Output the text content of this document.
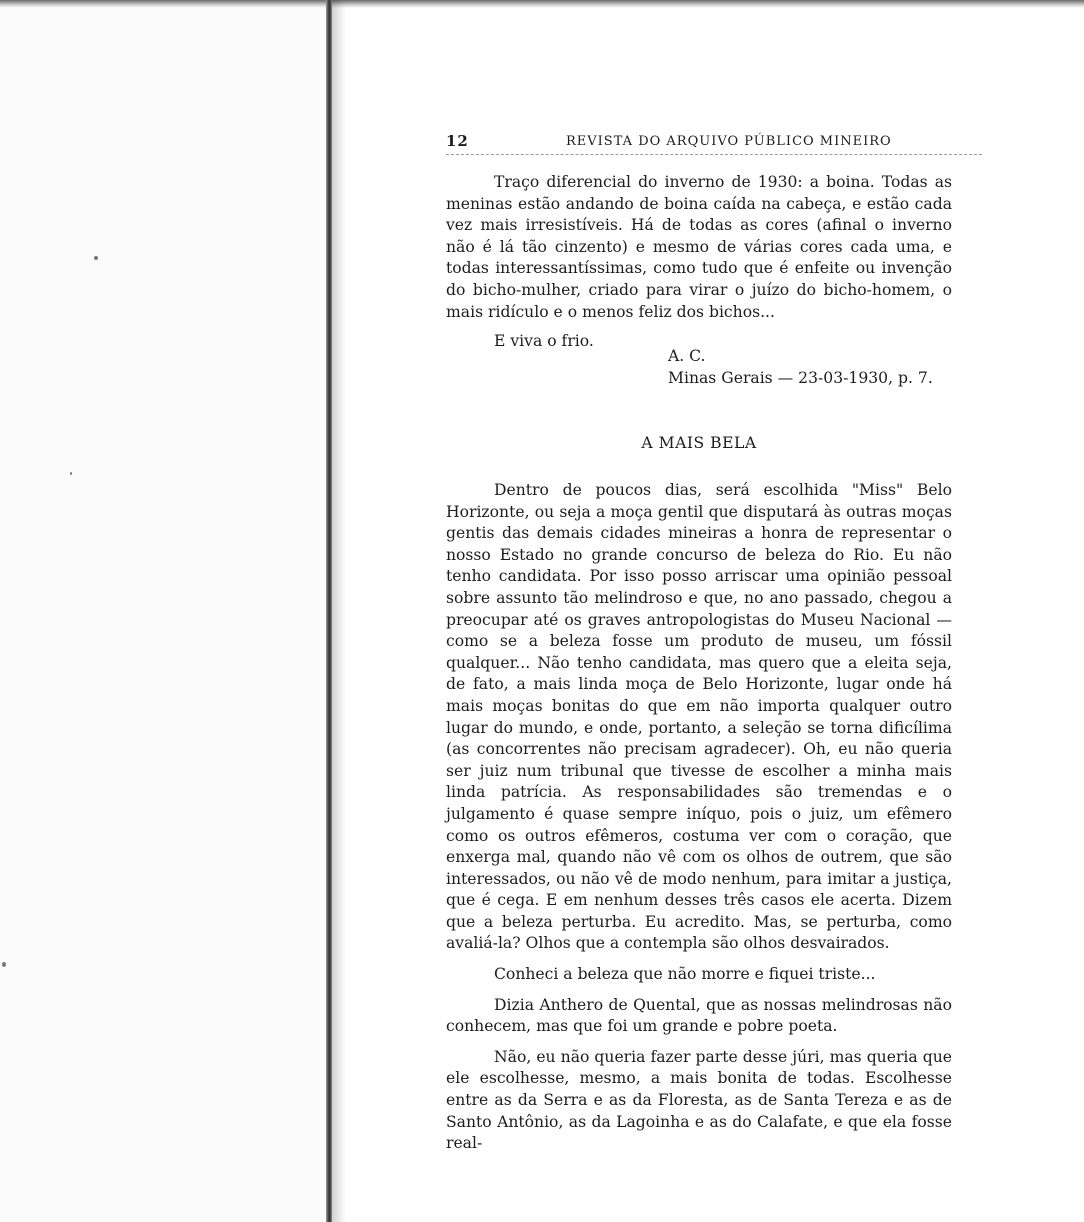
12	REVISTA DO ARQUIVO PÚBLICO MINEIRO

Traço diferencial do inverno de 1930: a boina. Todas as meninas estão andando de boina caída na cabeça, e estão cada vez mais irresistíveis. Há de todas as cores (afinal o inverno não é lá tão cinzento) e mesmo de várias cores cada uma, e todas interessantíssimas, como tudo que é enfeite ou invenção do bicho-mulher, criado para virar o juízo do bicho-homem, o mais ridículo e o menos feliz dos bichos...

E viva o frio.

A. C.
Minas Gerais — 23-03-1930, p. 7.
A MAIS BELA

Dentro de poucos dias, será escolhida "Miss" Belo Horizonte, ou seja a moça gentil que disputará às outras moças gentis das demais cidades mineiras a honra de representar o nosso Estado no grande concurso de beleza do Rio. Eu não tenho candidata. Por isso posso arriscar uma opinião pessoal sobre assunto tão melindroso e que, no ano passado, chegou a preocupar até os graves antropologistas do Museu Nacional — como se a beleza fosse um produto de museu, um fóssil qualquer... Não tenho candidata, mas quero que a eleita seja, de fato, a mais linda moça de Belo Horizonte, lugar onde há mais moças bonitas do que em não importa qualquer outro lugar do mundo, e onde, portanto, a seleção se torna dificílima (as concorrentes não precisam agradecer). Oh, eu não queria ser juiz num tribunal que tivesse de escolher a minha mais linda patrícia. As responsabilidades são tremendas e o julgamento é quase sempre iníquo, pois o juiz, um efêmero como os outros efêmeros, costuma ver com o coração, que enxerga mal, quando não vê com os olhos de outrem, que são interessados, ou não vê de modo nenhum, para imitar a justiça, que é cega. E em nenhum desses três casos ele acerta. Dizem que a beleza perturba. Eu acredito. Mas, se perturba, como avaliá-la? Olhos que a contempla são olhos desvairados.

Conheci a beleza que não morre e fiquei triste...

Dizia Anthero de Quental, que as nossas melindrosas não conhecem, mas que foi um grande e pobre poeta.

Não, eu não queria fazer parte desse júri, mas queria que ele escolhesse, mesmo, a mais bonita de todas. Escolhesse entre as da Serra e as da Floresta, as de Santa Tereza e as de Santo Antônio, as da Lagoinha e as do Calafate, e que ela fosse real-
